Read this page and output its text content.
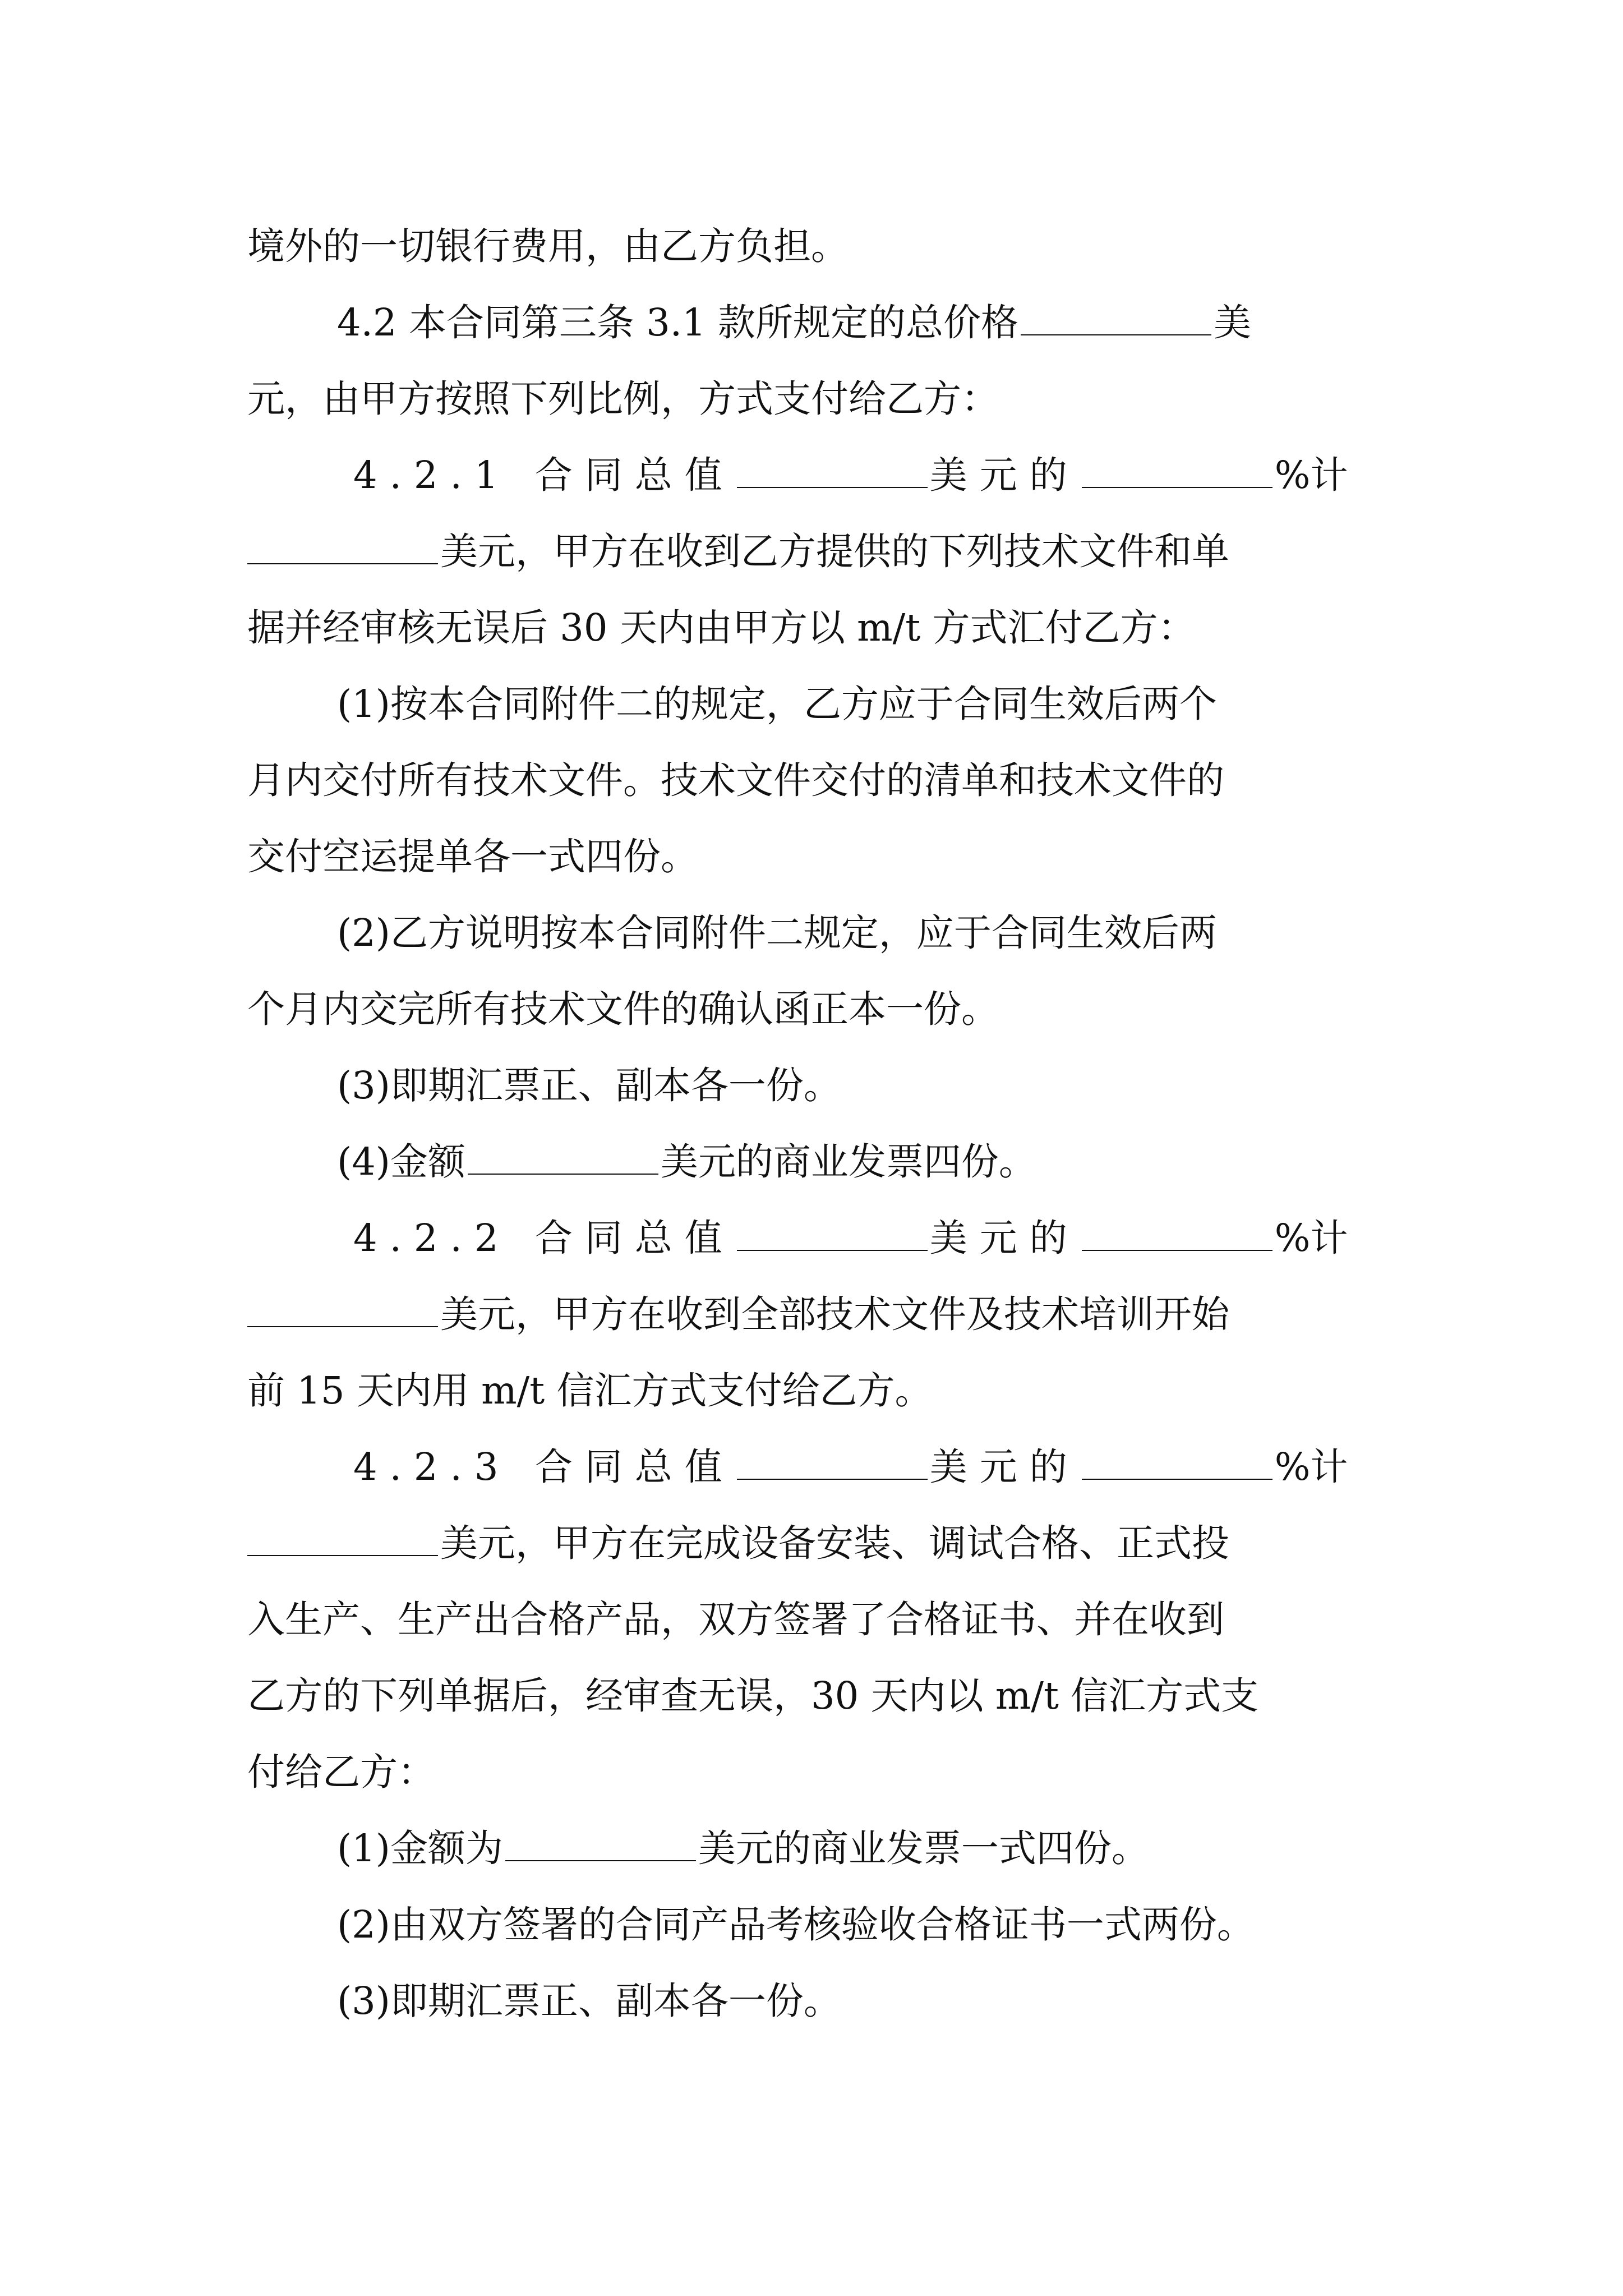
境外的一切银行费用，由乙方负担。
4.2 本合同第三条 3.1 款所规定的总价格	美
元，由甲方按照下列比例，方式支付给乙方：
4.2.1 合同总值	美元的	%计
美元，甲方在收到乙方提供的下列技术文件和单
据并经审核无误后 30 天内由甲方以 m/t 方式汇付乙方：
(1)按本合同附件二的规定，乙方应于合同生效后两个
月内交付所有技术文件。技术文件交付的清单和技术文件的
交付空运提单各一式四份。
(2)乙方说明按本合同附件二规定，应于合同生效后两
个月内交完所有技术文件的确认函正本一份。
(3)即期汇票正、副本各一份。
(4)金额	美元的商业发票四份。
4.2.2 合同总值	美元的	%计
美元，甲方在收到全部技术文件及技术培训开始
前 15 天内用 m/t 信汇方式支付给乙方。
4.2.3 合同总值	美元的	%计
美元，甲方在完成设备安装、调试合格、正式投
入生产、生产出合格产品，双方签署了合格证书、并在收到
乙方的下列单据后，经审查无误，30 天内以 m/t 信汇方式支
付给乙方：
(1)金额为	美元的商业发票一式四份。
(2)由双方签署的合同产品考核验收合格证书一式两份。
(3)即期汇票正、副本各一份。
